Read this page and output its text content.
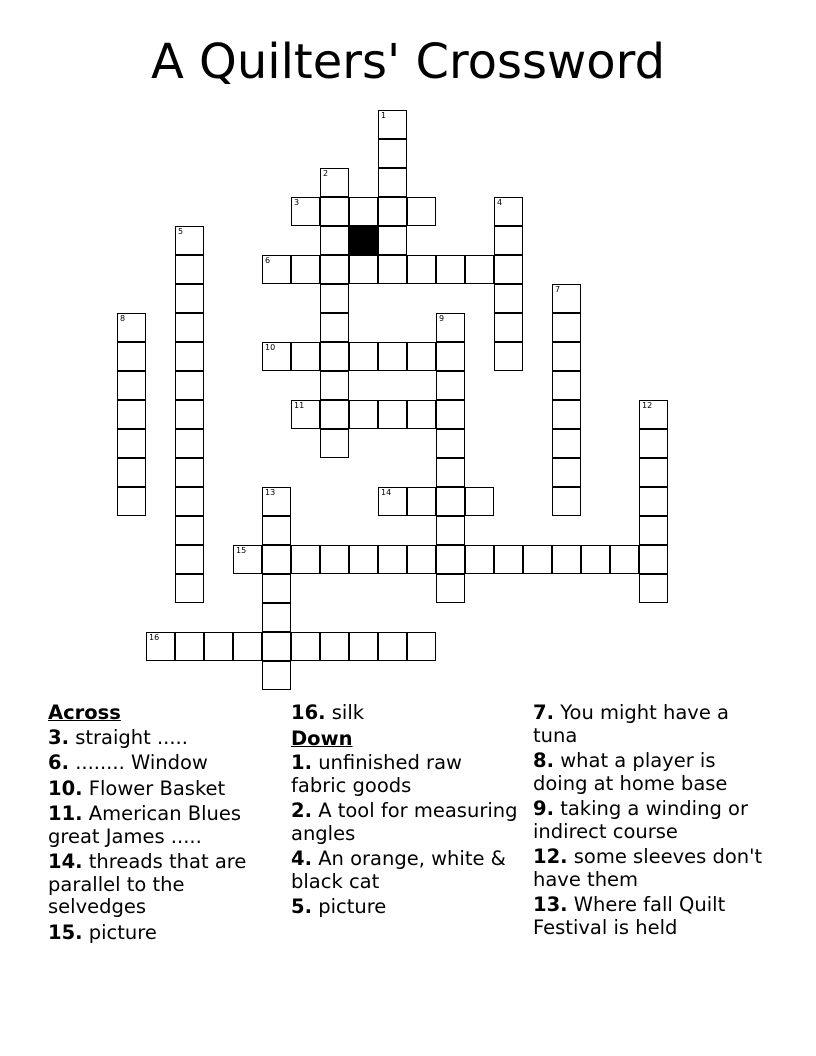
A Quilters' Crossword
1
2
3	4
5
6
7
8	9
10
11	12
13	14
15
16
Across
3. straight .....
6. ........ Window
10. Flower Basket
11. American Blues great James .....
14. threads that are parallel to the selvedges
15. picture
16. silk
Down
1. unfinished raw fabric goods
2. A tool for measuring angles
4. An orange, white & black cat
5. picture
7. You might have a tuna
8. what a player is doing at home base
9. taking a winding or indirect course
12. some sleeves don't have them
13. Where fall Quilt Festival is held
